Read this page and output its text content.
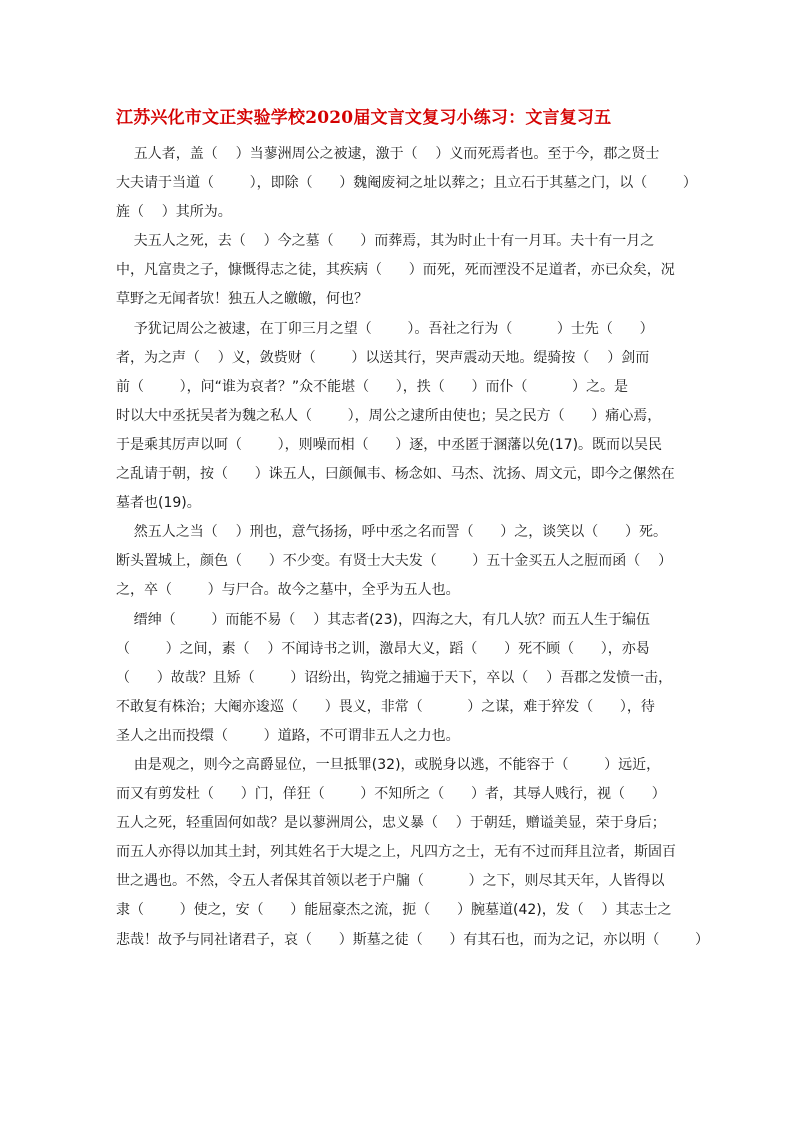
江苏兴化市文正实验学校2020届文言文复习小练习：文言复习五
五人者，盖（    ）当蓼洲周公之被逮，激于（    ）义而死焉者也。至于今，郡之贤士
大夫请于当道（        ），即除（      ）魏阉废祠之址以葬之；且立石于其墓之门，以（        ）
旌（    ）其所为。
夫五人之死，去（    ）今之墓（      ）而葬焉，其为时止十有一月耳。夫十有一月之
中，凡富贵之子，慷慨得志之徒，其疾病（      ）而死，死而湮没不足道者，亦已众矣，况
草野之无闻者欤！独五人之皦皦，何也？
予犹记周公之被逮，在丁卯三月之望（        ）。吾社之行为（          ）士先（      ）
者，为之声（    ）义，敛赀财（        ）以送其行，哭声震动天地。缇骑按（    ）剑而
前（        ），问“谁为哀者？”众不能堪（      ），抶（      ）而仆（          ）之。是
时以大中丞抚吴者为魏之私人（        ），周公之逮所由使也；吴之民方（      ）痛心焉，
于是乘其厉声以呵（        ），则噪而相（      ）逐，中丞匿于溷藩以免(17)。既而以吴民
之乱请于朝，按（      ）诛五人，曰颜佩韦、杨念如、马杰、沈扬、周文元，即今之傫然在
墓者也(19)。
然五人之当（    ）刑也，意气扬扬，呼中丞之名而詈（      ）之，谈笑以（      ）死。
断头置城上，颜色（      ）不少变。有贤士大夫发（        ）五十金买五人之脰而函（    ）
之，卒（        ）与尸合。故今之墓中，全乎为五人也。
缙绅（        ）而能不易（    ）其志者(23)，四海之大，有几人欤？而五人生于编伍
（        ）之间，素（    ）不闻诗书之训，激昂大义，蹈（      ）死不顾（      ），亦曷
（      ）故哉？且矫（        ）诏纷出，钩党之捕遍于天下，卒以（    ）吾郡之发愤一击，
不敢复有株治；大阉亦逡巡（      ）畏义，非常（          ）之谋，难于猝发（      ），待
圣人之出而投缳（        ）道路，不可谓非五人之力也。
由是观之，则今之高爵显位，一旦抵罪(32)，或脱身以逃，不能容于（        ）远近，
而又有剪发杜（      ）门，佯狂（        ）不知所之（      ）者，其辱人贱行，视（      ）
五人之死，轻重固何如哉？是以蓼洲周公，忠义暴（    ）于朝廷，赠谥美显，荣于身后；
而五人亦得以加其土封，列其姓名于大堤之上，凡四方之士，无有不过而拜且泣者，斯固百
世之遇也。不然，令五人者保其首领以老于户牖（          ）之下，则尽其天年，人皆得以
隶（        ）使之，安（      ）能屈豪杰之流，扼（      ）腕墓道(42)，发（    ）其志士之
悲哉！故予与同社诸君子，哀（      ）斯墓之徒（      ）有其石也，而为之记，亦以明（        ）
